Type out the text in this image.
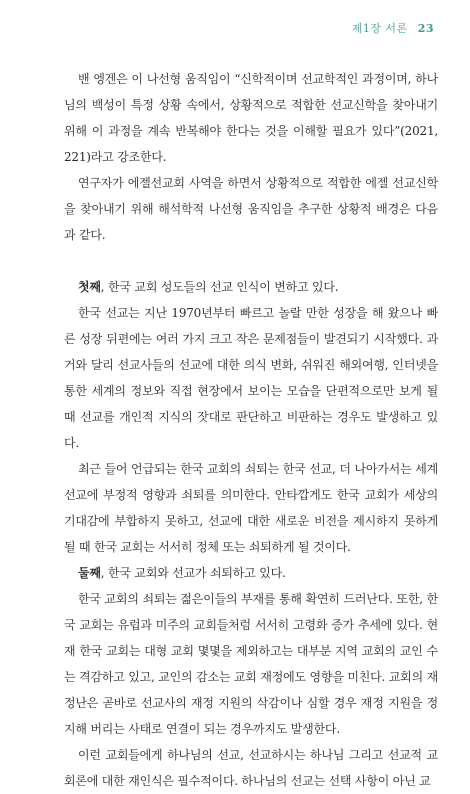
제1장 서론 23

밴 엥겐은 이 나선형 움직임이 “신학적이며 선교학적인 과정이며, 하나님의 백성이 특정 상황 속에서, 상황적으로 적합한 선교신학을 찾아내기 위해 이 과정을 계속 반복해야 한다는 것을 이해할 필요가 있다”(2021, 221)라고 강조한다.

연구자가 에젤선교회 사역을 하면서 상황적으로 적합한 에젤 선교신학을 찾아내기 위해 해석학적 나선형 움직임을 추구한 상황적 배경은 다음과 같다.

첫째, 한국 교회 성도들의 선교 인식이 변하고 있다.

한국 선교는 지난 1970년부터 빠르고 놀랄 만한 성장을 해 왔으나 빠른 성장 뒤편에는 여러 가지 크고 작은 문제점들이 발견되기 시작했다. 과거와 달리 선교사들의 선교에 대한 의식 변화, 쉬워진 해외여행, 인터넷을 통한 세계의 정보와 직접 현장에서 보이는 모습을 단편적으로만 보게 될 때 선교를 개인적 지식의 잣대로 판단하고 비판하는 경우도 발생하고 있다.

최근 들어 언급되는 한국 교회의 쇠퇴는 한국 선교, 더 나아가서는 세계 선교에 부정적 영향과 쇠퇴를 의미한다. 안타깝게도 한국 교회가 세상의 기대감에 부합하지 못하고, 선교에 대한 새로운 비전을 제시하지 못하게 될 때 한국 교회는 서서히 정체 또는 쇠퇴하게 될 것이다.

둘째, 한국 교회와 선교가 쇠퇴하고 있다.

한국 교회의 쇠퇴는 젊은이들의 부재를 통해 확연히 드러난다. 또한, 한국 교회는 유럽과 미주의 교회들처럼 서서히 고령화 증가 추세에 있다. 현재 한국 교회는 대형 교회 몇몇을 제외하고는 대부분 지역 교회의 교인 수는 격감하고 있고, 교인의 감소는 교회 재정에도 영향을 미친다. 교회의 재정난은 곧바로 선교사의 재정 지원의 삭감이나 심할 경우 재정 지원을 정지해 버리는 사태로 연결이 되는 경우까지도 발생한다.

이런 교회들에게 하나님의 선교, 선교하시는 하나님 그리고 선교적 교회론에 대한 재인식은 필수적이다. 하나님의 선교는 선택 사항이 아닌 교
